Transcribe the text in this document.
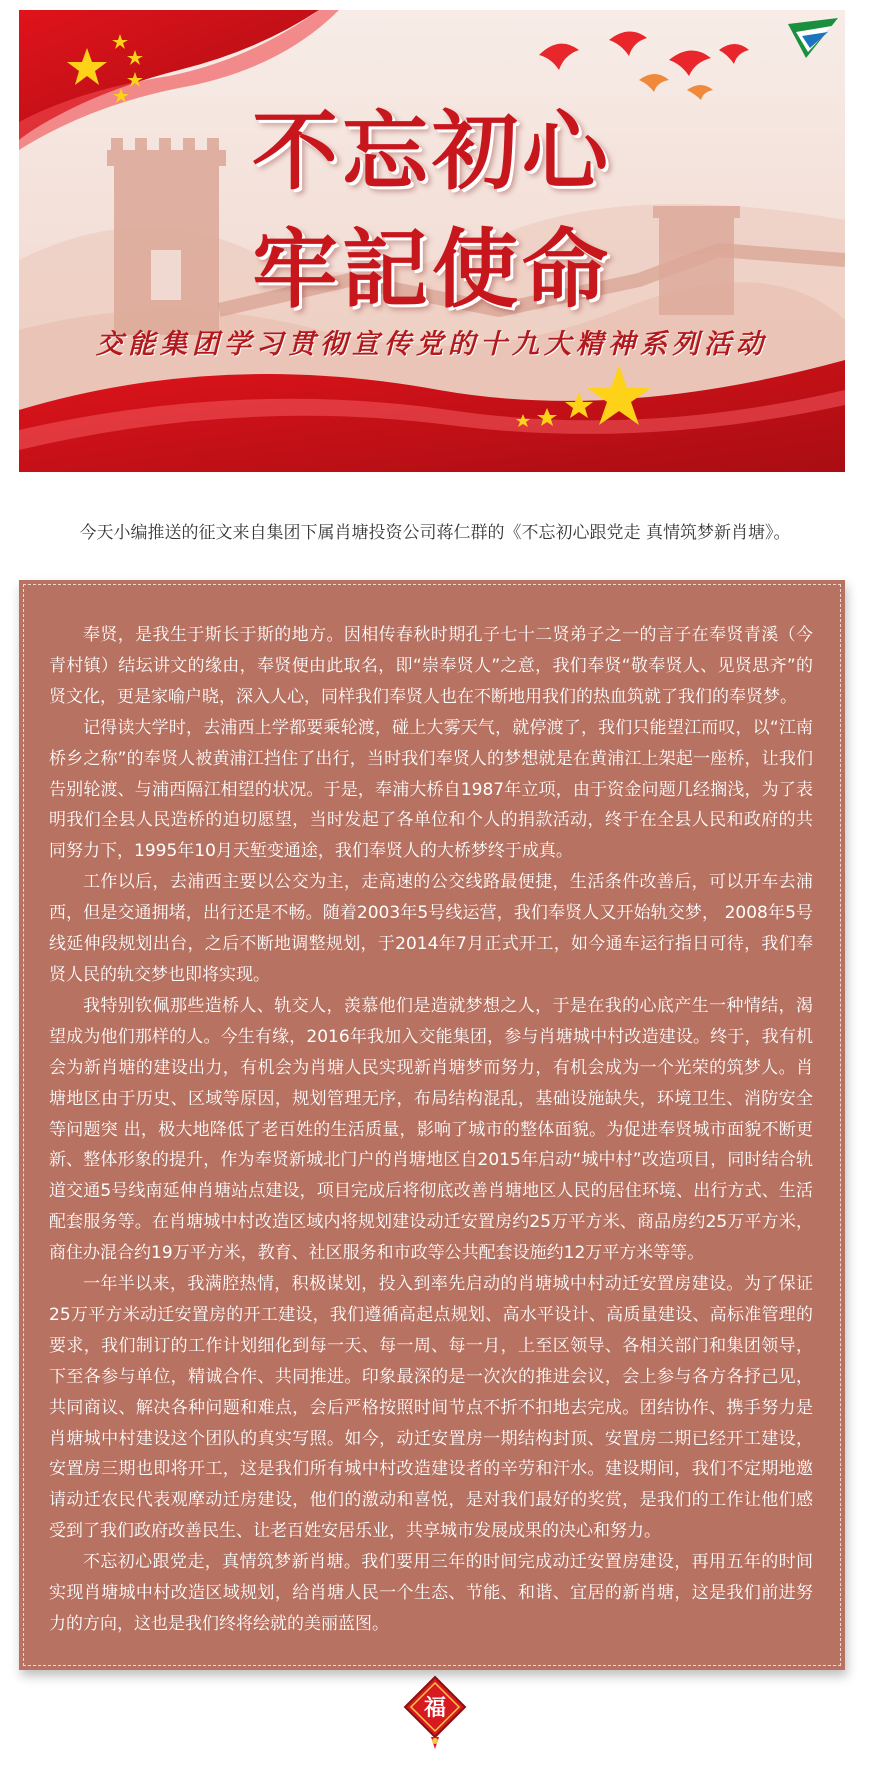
不忘初心
牢記使命
交能集团学习贯彻宣传党的十九大精神系列活动
今天小编推送的征文来自集团下属肖塘投资公司蒋仁群的《不忘初心跟党走 真情筑梦新肖塘》。

奉贤，是我生于斯长于斯的地方。因相传春秋时期孔子七十二贤弟子之一的言子在奉贤青溪（今青村镇）结坛讲文的缘由，奉贤便由此取名，即“崇奉贤人”之意，我们奉贤“敬奉贤人、见贤思齐”的贤文化，更是家喻户晓，深入人心，同样我们奉贤人也在不断地用我们的热血筑就了我们的奉贤梦。

记得读大学时，去浦西上学都要乘轮渡，碰上大雾天气，就停渡了，我们只能望江而叹，以“江南桥乡之称”的奉贤人被黄浦江挡住了出行，当时我们奉贤人的梦想就是在黄浦江上架起一座桥，让我们告别轮渡、与浦西隔江相望的状况。于是，奉浦大桥自1987年立项，由于资金问题几经搁浅，为了表明我们全县人民造桥的迫切愿望，当时发起了各单位和个人的捐款活动，终于在全县人民和政府的共同努力下，1995年10月天堑变通途，我们奉贤人的大桥梦终于成真。

工作以后，去浦西主要以公交为主，走高速的公交线路最便捷，生活条件改善后，可以开车去浦西，但是交通拥堵，出行还是不畅。随着2003年5号线运营，我们奉贤人又开始轨交梦， 2008年5号线延伸段规划出台，之后不断地调整规划，于2014年7月正式开工，如今通车运行指日可待，我们奉贤人民的轨交梦也即将实现。

我特别钦佩那些造桥人、轨交人，羡慕他们是造就梦想之人，于是在我的心底产生一种情结，渴望成为他们那样的人。今生有缘，2016年我加入交能集团，参与肖塘城中村改造建设。终于，我有机会为新肖塘的建设出力，有机会为肖塘人民实现新肖塘梦而努力，有机会成为一个光荣的筑梦人。肖塘地区由于历史、区域等原因，规划管理无序，布局结构混乱，基础设施缺失，环境卫生、消防安全等问题突 出，极大地降低了老百姓的生活质量，影响了城市的整体面貌。为促进奉贤城市面貌不断更新、整体形象的提升，作为奉贤新城北门户的肖塘地区自2015年启动“城中村”改造项目，同时结合轨道交通5号线南延伸肖塘站点建设，项目完成后将彻底改善肖塘地区人民的居住环境、出行方式、生活配套服务等。在肖塘城中村改造区域内将规划建设动迁安置房约25万平方米、商品房约25万平方米，商住办混合约19万平方米，教育、社区服务和市政等公共配套设施约12万平方米等等。

一年半以来，我满腔热情，积极谋划，投入到率先启动的肖塘城中村动迁安置房建设。为了保证25万平方米动迁安置房的开工建设，我们遵循高起点规划、高水平设计、高质量建设、高标准管理的要求，我们制订的工作计划细化到每一天、每一周、每一月，上至区领导、各相关部门和集团领导，下至各参与单位，精诚合作、共同推进。印象最深的是一次次的推进会议，会上参与各方各抒己见，共同商议、解决各种问题和难点，会后严格按照时间节点不折不扣地去完成。团结协作、携手努力是肖塘城中村建设这个团队的真实写照。如今，动迁安置房一期结构封顶、安置房二期已经开工建设，安置房三期也即将开工，这是我们所有城中村改造建设者的辛劳和汗水。建设期间，我们不定期地邀请动迁农民代表观摩动迁房建设，他们的激动和喜悦，是对我们最好的奖赏，是我们的工作让他们感受到了我们政府改善民生、让老百姓安居乐业，共享城市发展成果的决心和努力。

不忘初心跟党走，真情筑梦新肖塘。我们要用三年的时间完成动迁安置房建设，再用五年的时间实现肖塘城中村改造区域规划，给肖塘人民一个生态、节能、和谐、宜居的新肖塘，这是我们前进努力的方向，这也是我们终将绘就的美丽蓝图。

福
